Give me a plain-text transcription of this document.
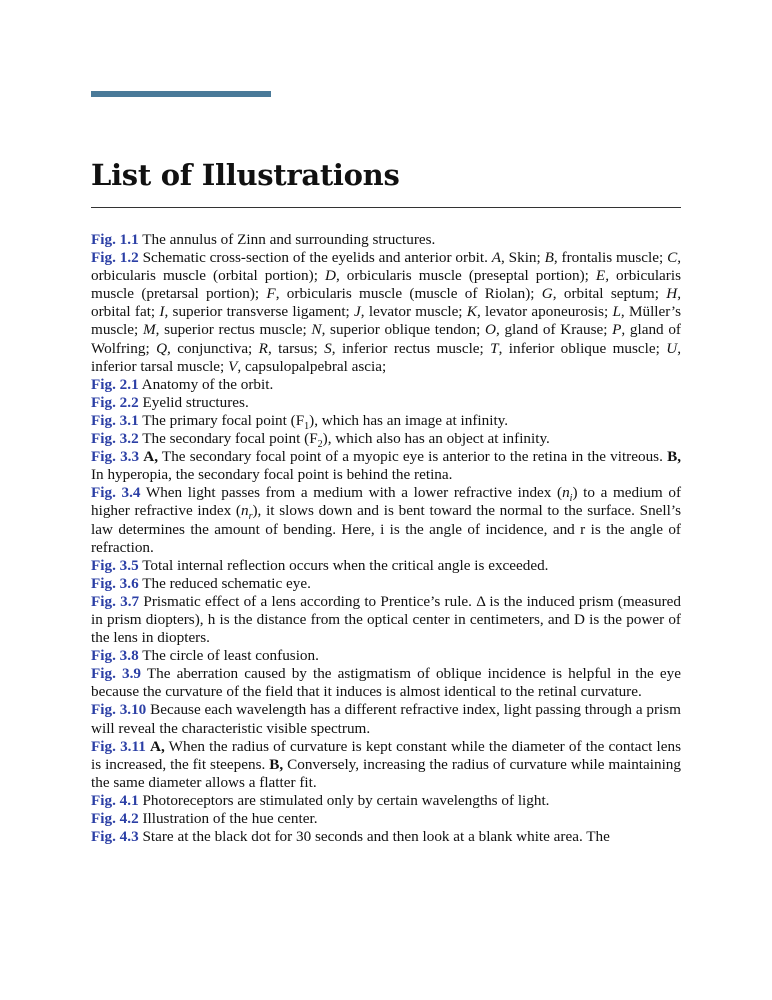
List of Illustrations

Fig. 1.1 The annulus of Zinn and surrounding structures.

Fig. 1.2 Schematic cross-section of the eyelids and anterior orbit. A, Skin; B, frontalis muscle; C, orbicularis muscle (orbital portion); D, orbicularis muscle (preseptal portion); E, orbicularis muscle (pretarsal portion); F, orbicularis muscle (muscle of Riolan); G, orbital septum; H, orbital fat; I, superior transverse ligament; J, levator muscle; K, levator aponeurosis; L, Müller’s muscle; M, superior rectus muscle; N, superior oblique tendon; O, gland of Krause; P, gland of Wolfring; Q, conjunctiva; R, tarsus; S, inferior rectus muscle; T, inferior oblique muscle; U, inferior tarsal muscle; V, capsulopalpebral ascia;

Fig. 2.1 Anatomy of the orbit.

Fig. 2.2 Eyelid structures.

Fig. 3.1 The primary focal point $(F_1)$, which has an image at infinity.

Fig. 3.2 The secondary focal point $(F_2)$, which also has an object at infinity.

Fig. 3.3 A, The secondary focal point of a myopic eye is anterior to the retina in the vitreous. B, In hyperopia, the secondary focal point is behind the retina.

Fig. 3.4 When light passes from a medium with a lower refractive index $(n_i)$ to a medium of higher refractive index $(n_r)$, it slows down and is bent toward the normal to the surface. Snell’s law determines the amount of bending. Here, i is the angle of incidence, and r is the angle of refraction.

Fig. 3.5 Total internal reflection occurs when the critical angle is exceeded.

Fig. 3.6 The reduced schematic eye.

Fig. 3.7 Prismatic effect of a lens according to Prentice’s rule. Δ is the induced prism (measured in prism diopters), h is the distance from the optical center in centimeters, and D is the power of the lens in diopters.

Fig. 3.8 The circle of least confusion.

Fig. 3.9 The aberration caused by the astigmatism of oblique incidence is helpful in the eye because the curvature of the field that it induces is almost identical to the retinal curvature.

Fig. 3.10 Because each wavelength has a different refractive index, light passing through a prism will reveal the characteristic visible spectrum.

Fig. 3.11 A, When the radius of curvature is kept constant while the diameter of the contact lens is increased, the fit steepens. B, Conversely, increasing the radius of curvature while maintaining the same diameter allows a flatter fit.

Fig. 4.1 Photoreceptors are stimulated only by certain wavelengths of light.

Fig. 4.2 Illustration of the hue center.

Fig. 4.3 Stare at the black dot for 30 seconds and then look at a blank white area. The
